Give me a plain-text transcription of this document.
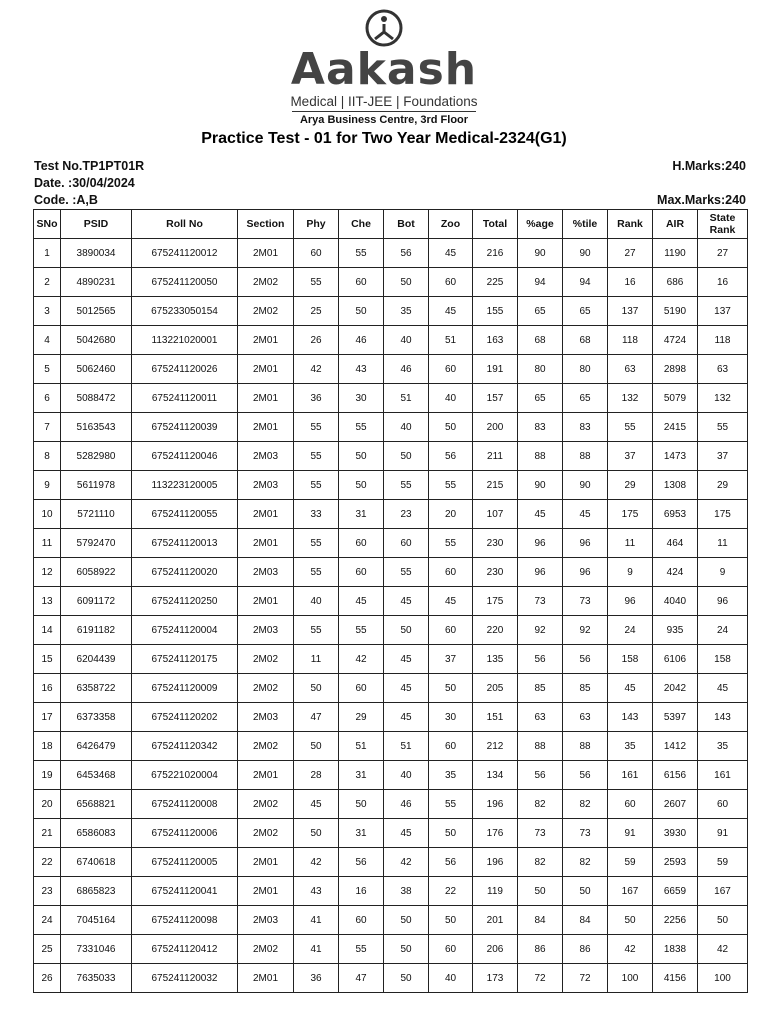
Aakash
Medical | IIT-JEE | Foundations
Arya Business Centre, 3rd Floor
Practice Test - 01 for Two Year Medical-2324(G1)
Test No.TP1PT01R	H.Marks:240
Date. :30/04/2024
Code. :A,B	Max.Marks:240
SNo	PSID	Roll No	Section	Phy	Che	Bot	Zoo	Total	%age	%tile	Rank	AIR	State Rank
1	3890034	675241120012	2M01	60	55	56	45	216	90	90	27	1190	27
2	4890231	675241120050	2M02	55	60	50	60	225	94	94	16	686	16
3	5012565	675233050154	2M02	25	50	35	45	155	65	65	137	5190	137
4	5042680	113221020001	2M01	26	46	40	51	163	68	68	118	4724	118
5	5062460	675241120026	2M01	42	43	46	60	191	80	80	63	2898	63
6	5088472	675241120011	2M01	36	30	51	40	157	65	65	132	5079	132
7	5163543	675241120039	2M01	55	55	40	50	200	83	83	55	2415	55
8	5282980	675241120046	2M03	55	50	50	56	211	88	88	37	1473	37
9	5611978	113223120005	2M03	55	50	55	55	215	90	90	29	1308	29
10	5721110	675241120055	2M01	33	31	23	20	107	45	45	175	6953	175
11	5792470	675241120013	2M01	55	60	60	55	230	96	96	11	464	11
12	6058922	675241120020	2M03	55	60	55	60	230	96	96	9	424	9
13	6091172	675241120250	2M01	40	45	45	45	175	73	73	96	4040	96
14	6191182	675241120004	2M03	55	55	50	60	220	92	92	24	935	24
15	6204439	675241120175	2M02	11	42	45	37	135	56	56	158	6106	158
16	6358722	675241120009	2M02	50	60	45	50	205	85	85	45	2042	45
17	6373358	675241120202	2M03	47	29	45	30	151	63	63	143	5397	143
18	6426479	675241120342	2M02	50	51	51	60	212	88	88	35	1412	35
19	6453468	675221020004	2M01	28	31	40	35	134	56	56	161	6156	161
20	6568821	675241120008	2M02	45	50	46	55	196	82	82	60	2607	60
21	6586083	675241120006	2M02	50	31	45	50	176	73	73	91	3930	91
22	6740618	675241120005	2M01	42	56	42	56	196	82	82	59	2593	59
23	6865823	675241120041	2M01	43	16	38	22	119	50	50	167	6659	167
24	7045164	675241120098	2M03	41	60	50	50	201	84	84	50	2256	50
25	7331046	675241120412	2M02	41	55	50	60	206	86	86	42	1838	42
26	7635033	675241120032	2M01	36	47	50	40	173	72	72	100	4156	100
